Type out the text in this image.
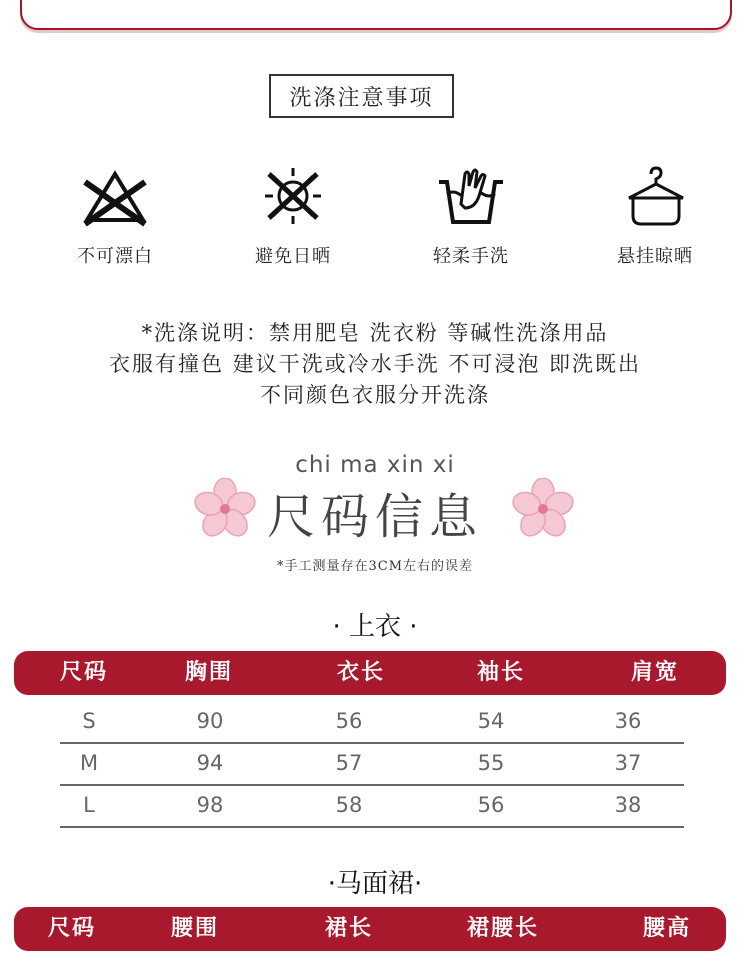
洗涤注意事项
不可漂白	避免日晒	轻柔手洗	悬挂晾晒
*洗涤说明：禁用肥皂 洗衣粉 等碱性洗涤用品
衣服有撞色 建议干洗或冷水手洗 不可浸泡 即洗既出
不同颜色衣服分开洗涤
chi ma xin xi
尺码信息
*手工测量存在3CM左右的误差
· 上衣 ·
尺码	胸围	衣长	袖长	肩宽
S	90	56	54	36
M	94	57	55	37
L	98	58	56	38
·马面裙·
尺码	腰围	裙长	裙腰长	腰高
